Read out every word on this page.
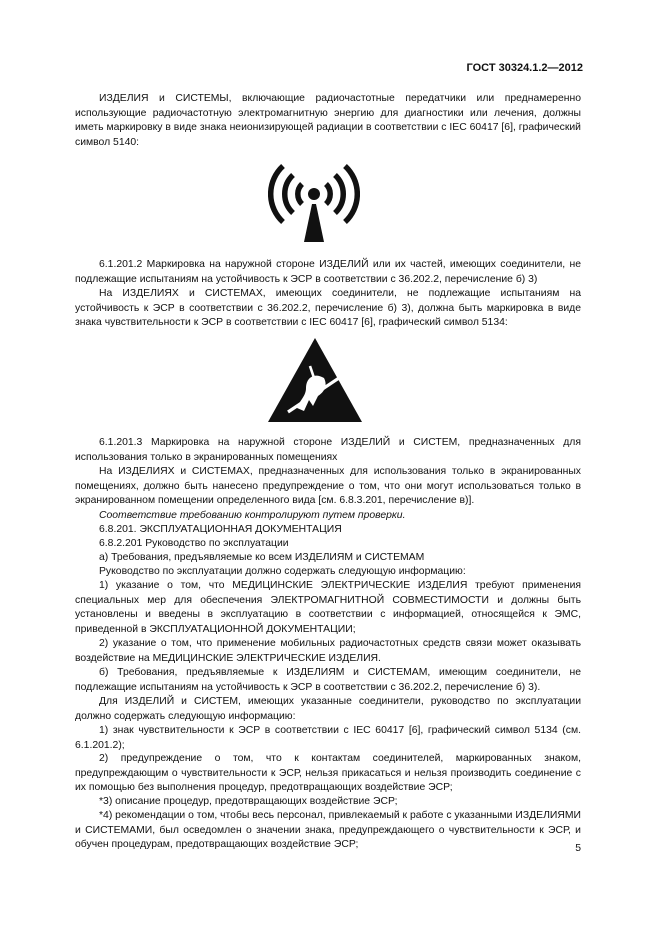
ГОСТ 30324.1.2—2012

ИЗДЕЛИЯ и СИСТЕМЫ, включающие радиочастотные передатчики или преднамеренно использующие радиочастотную электромагнитную энергию для диагностики или лечения, должны иметь маркировку в виде знака неионизирующей радиации в соответствии с IEC 60417 [6], графический символ 5140:

6.1.201.2 Маркировка на наружной стороне ИЗДЕЛИЙ или их частей, имеющих соединители, не подлежащие испытаниям на устойчивость к ЭСР в соответствии с 36.202.2, перечисление б) 3)

На ИЗДЕЛИЯХ и СИСТЕМАХ, имеющих соединители, не подлежащие испытаниям на устойчивость к ЭСР в соответствии с 36.202.2, перечисление б) 3), должна быть маркировка в виде знака чувствительности к ЭСР в соответствии с IEC 60417 [6], графический символ 5134:

6.1.201.3 Маркировка на наружной стороне ИЗДЕЛИЙ и СИСТЕМ, предназначенных для использования только в экранированных помещениях

На ИЗДЕЛИЯХ и СИСТЕМАХ, предназначенных для использования только в экранированных помещениях, должно быть нанесено предупреждение о том, что они могут использоваться только в экранированном помещении определенного вида [см. 6.8.3.201, перечисление в)].

Соответствие требованию контролируют путем проверки.

6.8.201. ЭКСПЛУАТАЦИОННАЯ ДОКУМЕНТАЦИЯ

6.8.2.201 Руководство по эксплуатации

а) Требования, предъявляемые ко всем ИЗДЕЛИЯМ и СИСТЕМАМ

Руководство по эксплуатации должно содержать следующую информацию:

1) указание о том, что МЕДИЦИНСКИЕ ЭЛЕКТРИЧЕСКИЕ ИЗДЕЛИЯ требуют применения специальных мер для обеспечения ЭЛЕКТРОМАГНИТНОЙ СОВМЕСТИМОСТИ и должны быть установлены и введены в эксплуатацию в соответствии с информацией, относящейся к ЭМС, приведенной в ЭКСПЛУАТАЦИОННОЙ ДОКУМЕНТАЦИИ;

2) указание о том, что применение мобильных радиочастотных средств связи может оказывать воздействие на МЕДИЦИНСКИЕ ЭЛЕКТРИЧЕСКИЕ ИЗДЕЛИЯ.

б) Требования, предъявляемые к ИЗДЕЛИЯМ и СИСТЕМАМ, имеющим соединители, не подлежащие испытаниям на устойчивость к ЭСР в соответствии с 36.202.2, перечисление б) 3).

Для ИЗДЕЛИЙ и СИСТЕМ, имеющих указанные соединители, руководство по эксплуатации должно содержать следующую информацию:

1) знак чувствительности к ЭСР в соответствии с IEC 60417 [6], графический символ 5134 (см. 6.1.201.2);

2) предупреждение о том, что к контактам соединителей, маркированных знаком, предупреждающим о чувствительности к ЭСР, нельзя прикасаться и нельзя производить соединение с их помощью без выполнения процедур, предотвращающих воздействие ЭСР;

*3) описание процедур, предотвращающих воздействие ЭСР;

*4) рекомендации о том, чтобы весь персонал, привлекаемый к работе с указанными ИЗДЕЛИЯМИ и СИСТЕМАМИ, был осведомлен о значении знака, предупреждающего о чувствительности к ЭСР, и обучен процедурам, предотвращающих воздействие ЭСР;	5
